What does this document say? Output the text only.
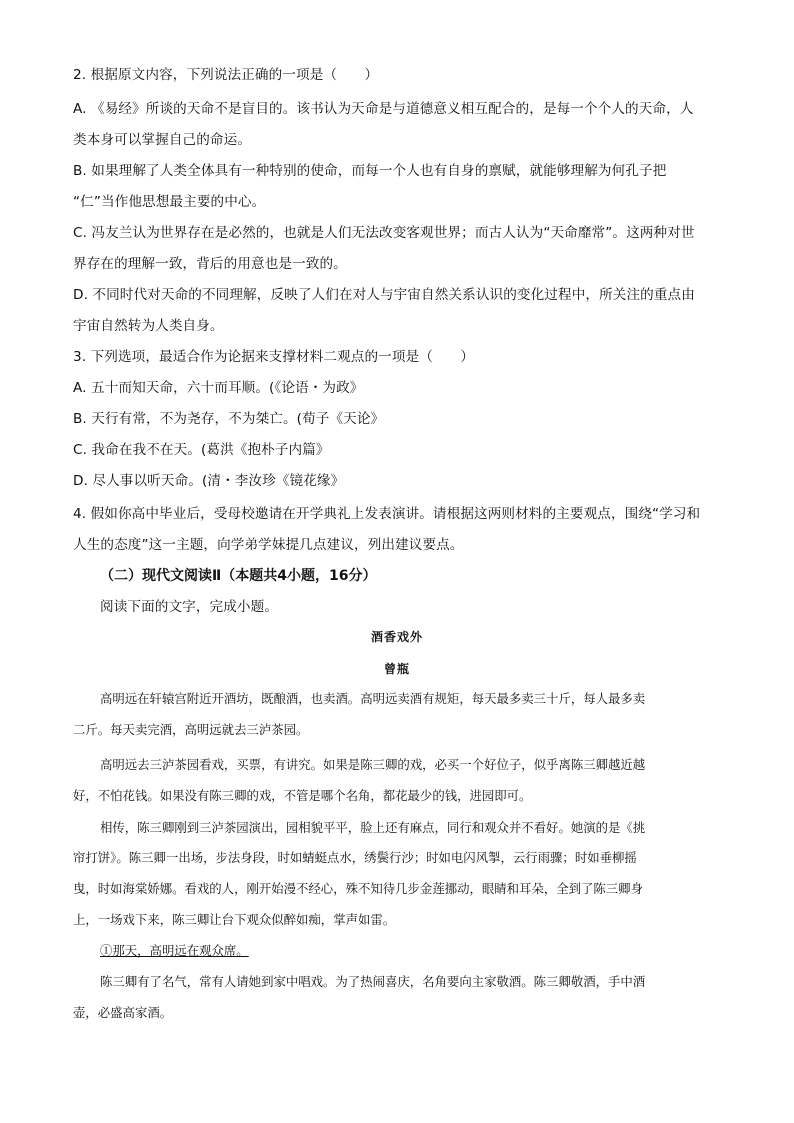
2. 根据原文内容，下列说法正确的一项是（　　）
A. 《易经》所谈的天命不是盲目的。该书认为天命是与道德意义相互配合的，是每一个个人的天命，人
类本身可以掌握自己的命运。
B. 如果理解了人类全体具有一种特别的使命，而每一个人也有自身的禀赋，就能够理解为何孔子把
“仁”当作他思想最主要的中心。
C. 冯友兰认为世界存在是必然的，也就是人们无法改变客观世界；而古人认为“天命靡常”。这两种对世
界存在的理解一致，背后的用意也是一致的。
D. 不同时代对天命的不同理解，反映了人们在对人与宇宙自然关系认识的变化过程中，所关注的重点由
宇宙自然转为人类自身。
3. 下列选项，最适合作为论据来支撑材料二观点的一项是（　　）
A. 五十而知天命，六十而耳顺。(《论语・为政》
B. 天行有常，不为尧存，不为桀亡。(荀子《天论》
C. 我命在我不在天。(葛洪《抱朴子内篇》
D. 尽人事以听天命。(清・李汝珍《镜花缘》
4. 假如你高中毕业后，受母校邀请在开学典礼上发表演讲。请根据这两则材料的主要观点，围绕“学习和
人生的态度”这一主题，向学弟学妹提几点建议，列出建议要点。
（二）现代文阅读Ⅱ（本题共4小题，16分）
阅读下面的文字，完成小题。
酒香戏外
曾瓶
高明远在轩辕宫附近开酒坊，既酿酒，也卖酒。高明远卖酒有规矩，每天最多卖三十斤，每人最多卖
二斤。每天卖完酒，高明远就去三泸茶园。
高明远去三泸茶园看戏，买票，有讲究。如果是陈三卿的戏，必买一个好位子，似乎离陈三卿越近越
好，不怕花钱。如果没有陈三卿的戏，不管是哪个名角，都花最少的钱，进园即可。
相传，陈三卿刚到三泸茶园演出，园相貌平平，脸上还有麻点，同行和观众并不看好。她演的是《挑
帘打饼》。陈三卿一出场，步法身段，时如蜻蜓点水，绣鬓行沙；时如电闪风掣，云行雨骤；时如垂柳摇
曳，时如海棠娇娜。看戏的人，刚开始漫不经心，殊不知待几步金莲挪动，眼睛和耳朵，全到了陈三卿身
上，一场戏下来，陈三卿让台下观众似醉如痴，掌声如雷。
①那天，高明远在观众席。
陈三卿有了名气，常有人请她到家中唱戏。为了热闹喜庆，名角要向主家敬酒。陈三卿敬酒，手中酒
壶，必盛高家酒。
